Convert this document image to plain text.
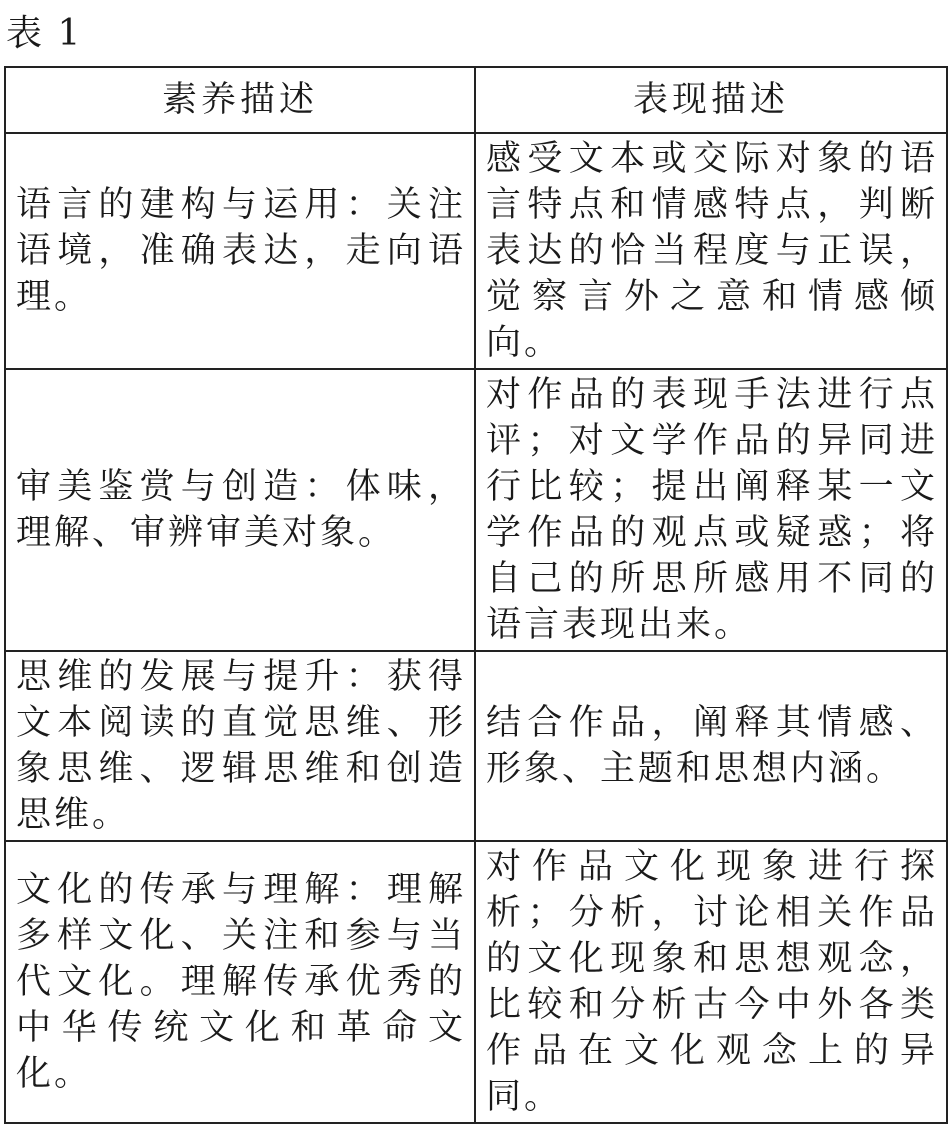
表 1
素养描述	表现描述
语言的建构与运用：关注语境，准确表达，走向语理。	感受文本或交际对象的语言特点和情感特点，判断表达的恰当程度与正误，觉察言外之意和情感倾向。
审美鉴赏与创造：体味，理解、审辨审美对象。	对作品的表现手法进行点评；对文学作品的异同进行比较；提出阐释某一文学作品的观点或疑惑；将自己的所思所感用不同的语言表现出来。
思维的发展与提升：获得文本阅读的直觉思维、形象思维、逻辑思维和创造思维。	结合作品，阐释其情感、形象、主题和思想内涵。
文化的传承与理解：理解多样文化、关注和参与当代文化。理解传承优秀的中华传统文化和革命文化。	对作品文化现象进行探析；分析，讨论相关作品的文化现象和思想观念，比较和分析古今中外各类作品在文化观念上的异同。
